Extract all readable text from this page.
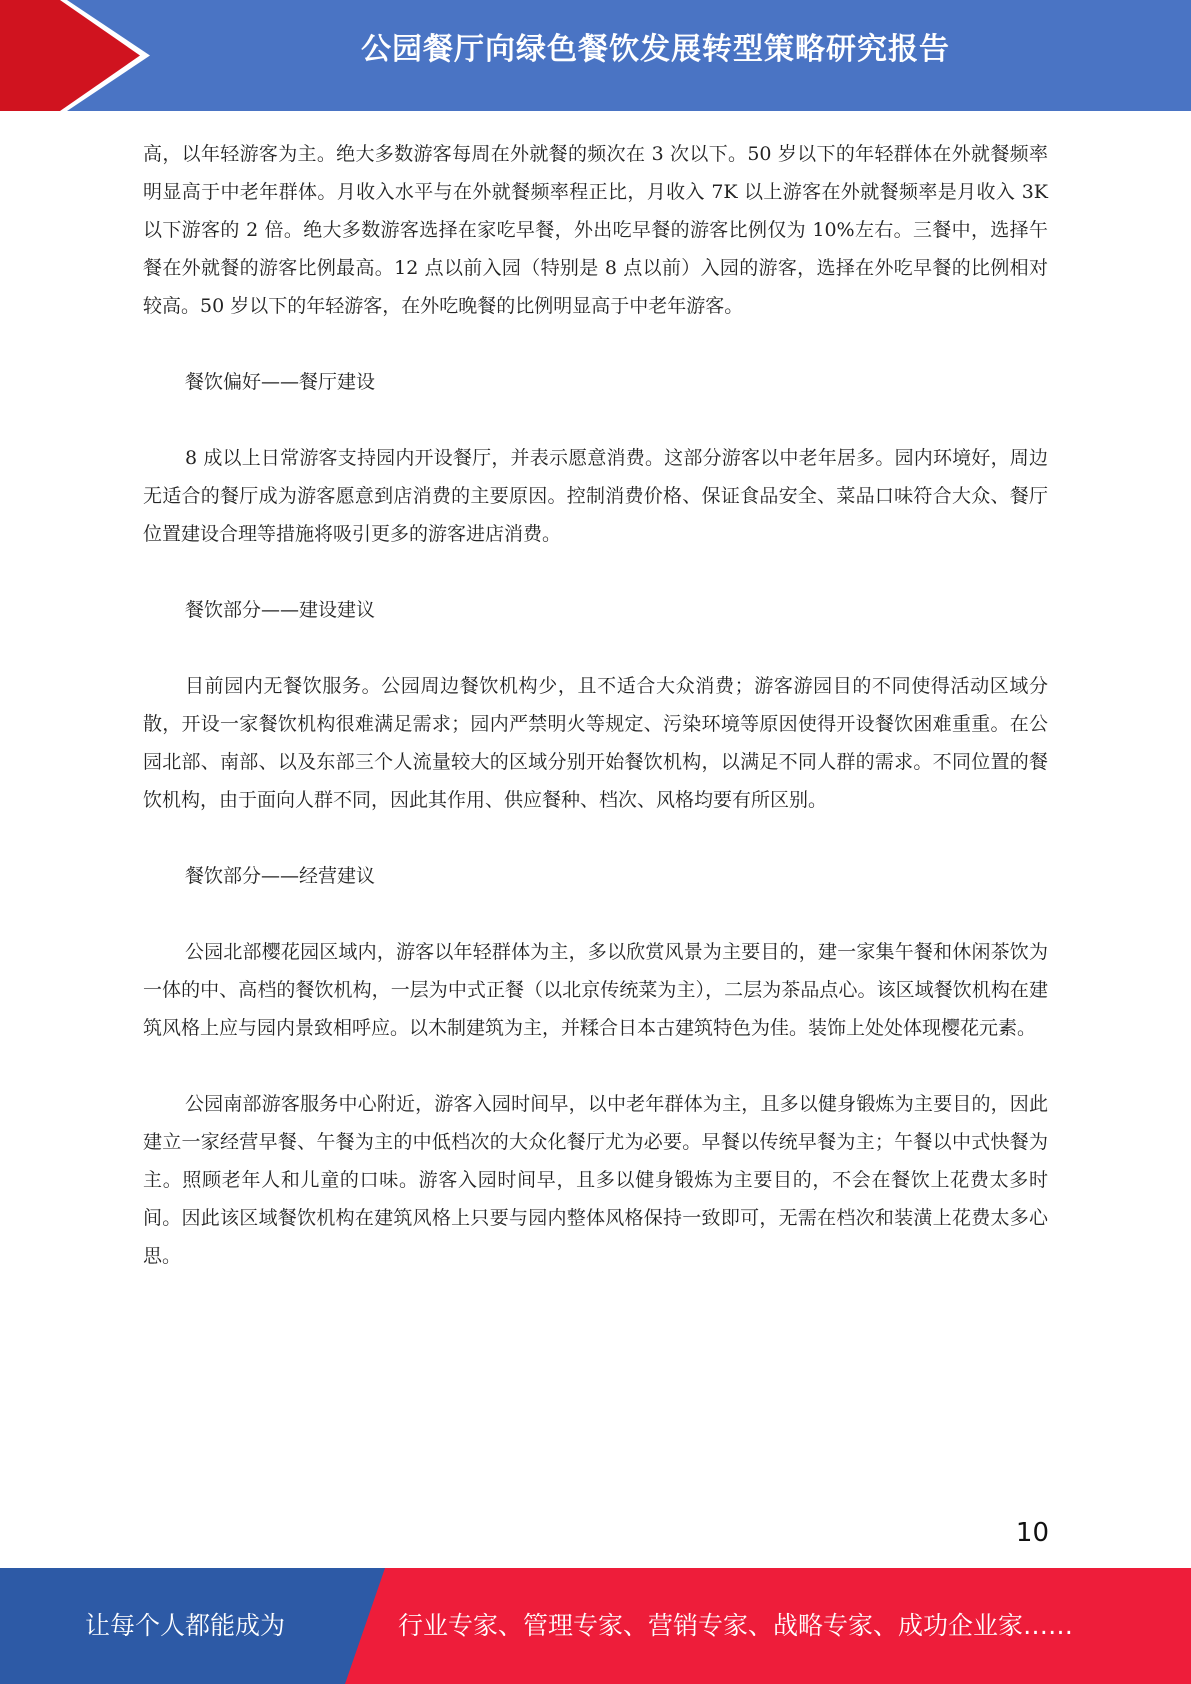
公园餐厅向绿色餐饮发展转型策略研究报告

高，以年轻游客为主。绝大多数游客每周在外就餐的频次在 3 次以下。50 岁以下的年轻群体在外就餐频率明显高于中老年群体。月收入水平与在外就餐频率程正比，月收入 7K 以上游客在外就餐频率是月收入 3K 以下游客的 2 倍。绝大多数游客选择在家吃早餐，外出吃早餐的游客比例仅为 10%左右。三餐中，选择午餐在外就餐的游客比例最高。12 点以前入园（特别是 8 点以前）入园的游客，选择在外吃早餐的比例相对较高。50 岁以下的年轻游客，在外吃晚餐的比例明显高于中老年游客。

餐饮偏好——餐厅建设

8 成以上日常游客支持园内开设餐厅，并表示愿意消费。这部分游客以中老年居多。园内环境好，周边无适合的餐厅成为游客愿意到店消费的主要原因。控制消费价格、保证食品安全、菜品口味符合大众、餐厅位置建设合理等措施将吸引更多的游客进店消费。

餐饮部分——建设建议

目前园内无餐饮服务。公园周边餐饮机构少，且不适合大众消费；游客游园目的不同使得活动区域分散，开设一家餐饮机构很难满足需求；园内严禁明火等规定、污染环境等原因使得开设餐饮困难重重。在公园北部、南部、以及东部三个人流量较大的区域分别开始餐饮机构，以满足不同人群的需求。不同位置的餐饮机构，由于面向人群不同，因此其作用、供应餐种、档次、风格均要有所区别。

餐饮部分——经营建议

公园北部樱花园区域内，游客以年轻群体为主，多以欣赏风景为主要目的，建一家集午餐和休闲茶饮为一体的中、高档的餐饮机构，一层为中式正餐（以北京传统菜为主），二层为茶品点心。该区域餐饮机构在建筑风格上应与园内景致相呼应。以木制建筑为主，并糅合日本古建筑特色为佳。装饰上处处体现樱花元素。

公园南部游客服务中心附近，游客入园时间早，以中老年群体为主，且多以健身锻炼为主要目的，因此建立一家经营早餐、午餐为主的中低档次的大众化餐厅尤为必要。早餐以传统早餐为主；午餐以中式快餐为主。照顾老年人和儿童的口味。游客入园时间早，且多以健身锻炼为主要目的，不会在餐饮上花费太多时间。因此该区域餐饮机构在建筑风格上只要与园内整体风格保持一致即可，无需在档次和装潢上花费太多心思。

10
让每个人都能成为	行业专家、管理专家、营销专家、战略专家、成功企业家……
